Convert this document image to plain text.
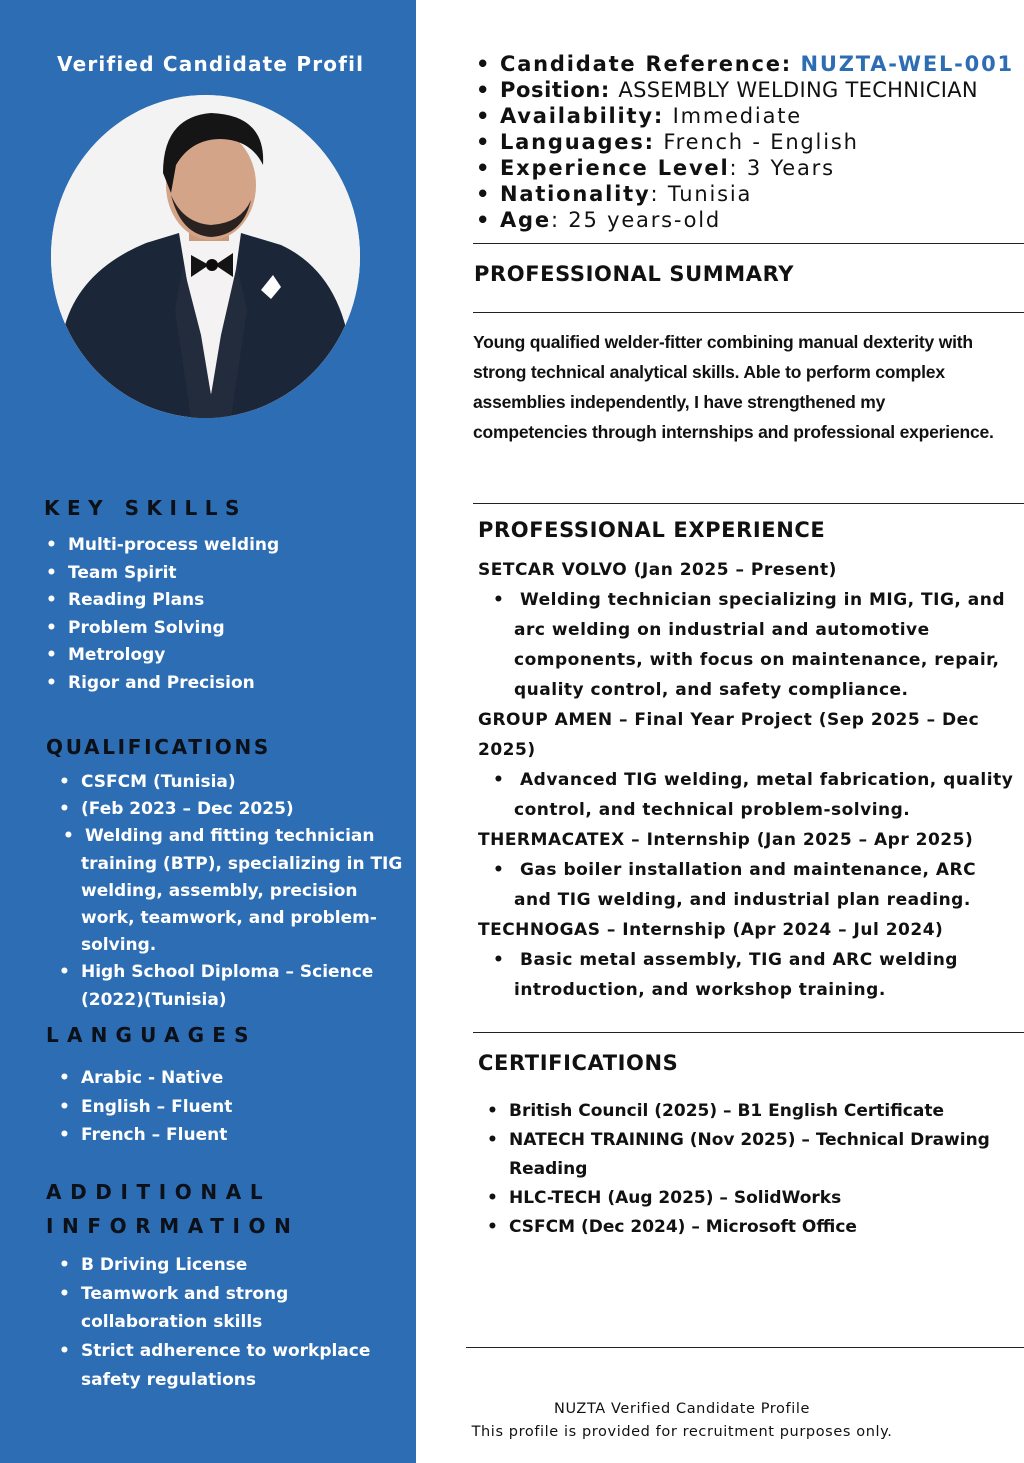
Verified Candidate Profil
KEY SKILLS
• Multi-process welding
• Team Spirit
• Reading Plans
• Problem Solving
• Metrology
• Rigor and Precision
QUALIFICATIONS
• CSFCM (Tunisia)
• (Feb 2023 – Dec 2025)
• Welding and fitting technician training (BTP), specializing in TIG welding, assembly, precision work, teamwork, and problem-solving.
• High School Diploma – Science (2022)(Tunisia)
LANGUAGES
• Arabic - Native
• English – Fluent
• French – Fluent
ADDITIONAL
INFORMATION
• B Driving License
• Teamwork and strong collaboration skills
• Strict adherence to workplace safety regulations
• Candidate Reference: NUZTA-WEL-001
• Position: ASSEMBLY WELDING TECHNICIAN
• Availability: Immediate
• Languages: French - English
• Experience Level: 3 Years
• Nationality: Tunisia
• Age: 25 years-old
PROFESSIONAL SUMMARY
Young qualified welder-fitter combining manual dexterity with strong technical analytical skills. Able to perform complex assemblies independently, I have strengthened my competencies through internships and professional experience.
PROFESSIONAL EXPERIENCE
SETCAR VOLVO (Jan 2025 – Present)
• Welding technician specializing in MIG, TIG, and arc welding on industrial and automotive components, with focus on maintenance, repair, quality control, and safety compliance.
GROUP AMEN – Final Year Project (Sep 2025 – Dec 2025)
• Advanced TIG welding, metal fabrication, quality control, and technical problem-solving.
THERMACATEX – Internship (Jan 2025 – Apr 2025)
• Gas boiler installation and maintenance, ARC and TIG welding, and industrial plan reading.
TECHNOGAS – Internship (Apr 2024 – Jul 2024)
• Basic metal assembly, TIG and ARC welding introduction, and workshop training.
CERTIFICATIONS
• British Council (2025) – B1 English Certificate
• NATECH TRAINING (Nov 2025) – Technical Drawing Reading
• HLC-TECH (Aug 2025) – SolidWorks
• CSFCM (Dec 2024) – Microsoft Office
NUZTA Verified Candidate Profile
This profile is provided for recruitment purposes only.
